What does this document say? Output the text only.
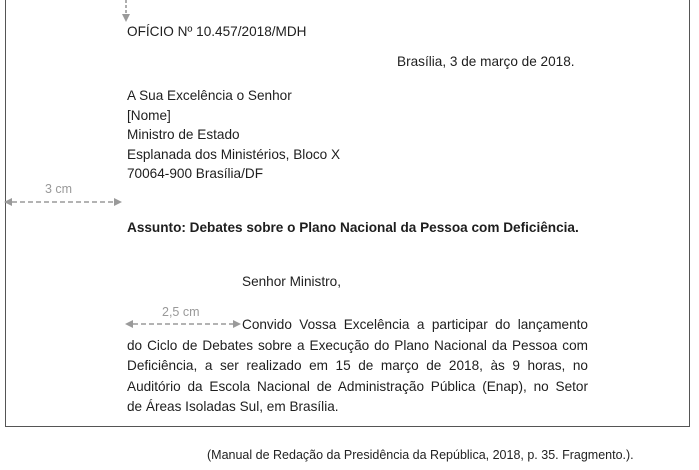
OFÍCIO Nº 10.457/2018/MDH
Brasília, 3 de março de 2018.
A Sua Excelência o Senhor
[Nome]
Ministro de Estado
Esplanada dos Ministérios, Bloco X
70064-900 Brasília/DF
3 cm
Assunto: Debates sobre o Plano Nacional da Pessoa com Deficiência.
Senhor Ministro,
2,5 cm
Convido Vossa Excelência a participar do lançamento
do Ciclo de Debates sobre a Execução do Plano Nacional da Pessoa com
Deficiência, a ser realizado em 15 de março de 2018, às 9 horas, no
Auditório da Escola Nacional de Administração Pública (Enap), no Setor
de Áreas Isoladas Sul, em Brasília.
(Manual de Redação da Presidência da República, 2018, p. 35. Fragmento.).
